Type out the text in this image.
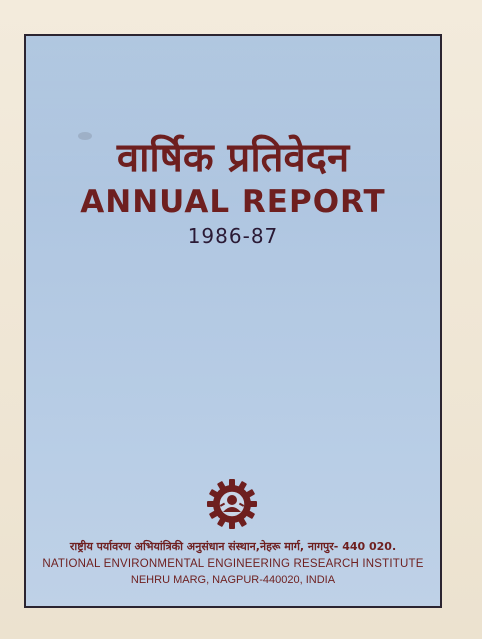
वार्षिक प्रतिवेदन
ANNUAL REPORT
1986-87
राष्ट्रीय पर्यावरण अभियांत्रिकी अनुसंधान संस्थान,नेहरू मार्ग, नागपुर- 440 020.
NATIONAL ENVIRONMENTAL ENGINEERING RESEARCH INSTITUTE
NEHRU MARG, NAGPUR-440020, INDIA
